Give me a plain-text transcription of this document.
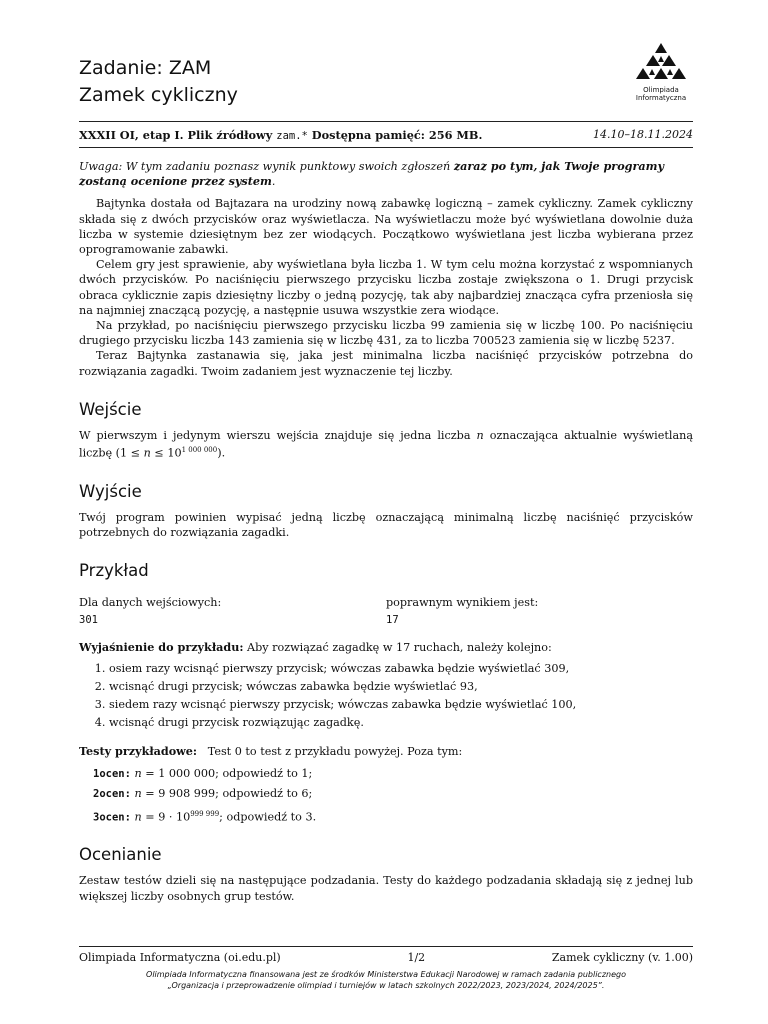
Zadanie: ZAM
Zamek cykliczny	Olimpiada
Informatyczna
XXXII OI, etap I. Plik źródłowy zam.* Dostępna pamięć: 256 MB.	14.10–18.11.2024
Uwaga: W tym zadaniu poznasz wynik punktowy swoich zgłoszeń zaraz po tym, jak Twoje programy zostaną ocenione przez system.

Bajtynka dostała od Bajtazara na urodziny nową zabawkę logiczną – zamek cykliczny. Zamek cykliczny składa się z dwóch przycisków oraz wyświetlacza. Na wyświetlaczu może być wyświetlana dowolnie duża liczba w systemie dziesiętnym bez zer wiodących. Początkowo wyświetlana jest liczba wybierana przez oprogramowanie zabawki.

Celem gry jest sprawienie, aby wyświetlana była liczba 1. W tym celu można korzystać z wspomnianych dwóch przycisków. Po naciśnięciu pierwszego przycisku liczba zostaje zwiększona o 1. Drugi przycisk obraca cyklicznie zapis dziesiętny liczby o jedną pozycję, tak aby najbardziej znacząca cyfra przeniosła się na najmniej znaczącą pozycję, a następnie usuwa wszystkie zera wiodące.

Na przykład, po naciśnięciu pierwszego przycisku liczba 99 zamienia się w liczbę 100. Po naciśnięciu drugiego przycisku liczba 143 zamienia się w liczbę 431, za to liczba 700523 zamienia się w liczbę 5237.

Teraz Bajtynka zastanawia się, jaka jest minimalna liczba naciśnięć przycisków potrzebna do rozwiązania zagadki. Twoim zadaniem jest wyznaczenie tej liczby.

Wejście

W pierwszym i jedynym wierszu wejścia znajduje się jedna liczba n oznaczająca aktualnie wyświetlaną liczbę $(1 \le n \le 10^{1 000 000})$.

Wyjście

Twój program powinien wypisać jedną liczbę oznaczającą minimalną liczbę naciśnięć przycisków potrzebnych do rozwiązania zagadki.

Przykład
Dla danych wejściowych:
301
poprawnym wynikiem jest:
17

Wyjaśnienie do przykładu: Aby rozwiązać zagadkę w 17 ruchach, należy kolejno:

1. osiem razy wcisnąć pierwszy przycisk; wówczas zabawka będzie wyświetlać 309,
2. wcisnąć drugi przycisk; wówczas zabawka będzie wyświetlać 93,
3. siedem razy wcisnąć pierwszy przycisk; wówczas zabawka będzie wyświetlać 100,
4. wcisnąć drugi przycisk rozwiązując zagadkę.

Testy przykładowe:   Test 0 to test z przykładu powyżej. Poza tym:

1ocen: n = 1 000 000; odpowiedź to 1;
2ocen: n = 9 908 999; odpowiedź to 6;
3ocen: $n = 9 \cdot 10^{999 999}$; odpowiedź to 3.
Ocenianie

Zestaw testów dzieli się na następujące podzadania. Testy do każdego podzadania składają się z jednej lub większej liczby osobnych grup testów.

Olimpiada Informatyczna (oi.edu.pl)	1/2	Zamek cykliczny (v. 1.00)
Olimpiada Informatyczna finansowana jest ze środków Ministerstwa Edukacji Narodowej w ramach zadania publicznego
„Organizacja i przeprowadzenie olimpiad i turniejów w latach szkolnych 2022/2023, 2023/2024, 2024/2025”.
